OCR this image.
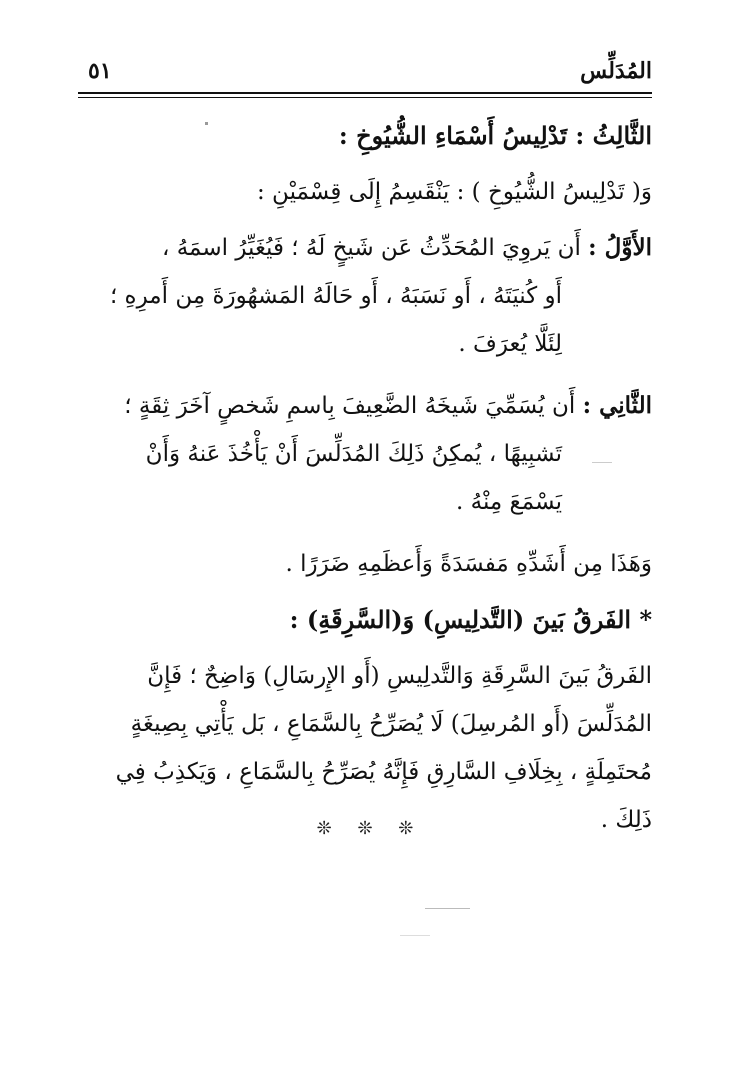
٥١	المُدَلِّس
الثَّالِثُ : تَدْلِيسُ أَسْمَاءِ الشُّيُوخِ :
وَ( تَدْلِيسُ الشُّيُوخِ ) : يَنْقَسِمُ إِلَى قِسْمَيْنِ :
الأَوَّلُ : أَن يَروِيَ المُحَدِّثُ عَن شَيخٍ لَهُ ؛ فَيُغَيِّرُ اسمَهُ ،
أَو كُنيَتَهُ ، أَو نَسَبَهُ ، أَو حَالَهُ المَشهُورَةَ مِن أَمرِهِ ؛
لِئَلَّا يُعرَفَ .
الثَّانِي : أَن يُسَمِّيَ شَيخَهُ الضَّعِيفَ بِاسمِ شَخصٍ آخَرَ ثِقَةٍ ؛
تَشبِيهًا ، يُمكِنُ ذَلِكَ المُدَلِّسَ أَنْ يَأْخُذَ عَنهُ وَأَنْ
يَسْمَعَ مِنْهُ .
وَهَذَا مِن أَشَدِّهِ مَفسَدَةً وَأَعظَمِهِ ضَرَرًا .
* الفَرقُ بَينَ (التَّدلِيسِ) وَ(السَّرِقَةِ) :
الفَرقُ بَينَ السَّرِقَةِ وَالتَّدلِيسِ (أَو الإِرسَالِ) وَاضِحٌ ؛ فَإِنَّ
المُدَلِّسَ (أَو المُرسِلَ) لَا يُصَرِّحُ بِالسَّمَاعِ ، بَل يَأْتِي بِصِيغَةٍ
مُحتَمِلَةٍ ، بِخِلَافِ السَّارِقِ فَإِنَّهُ يُصَرِّحُ بِالسَّمَاعِ ، وَيَكذِبُ فِي
ذَلِكَ .
❊ ❊ ❊
